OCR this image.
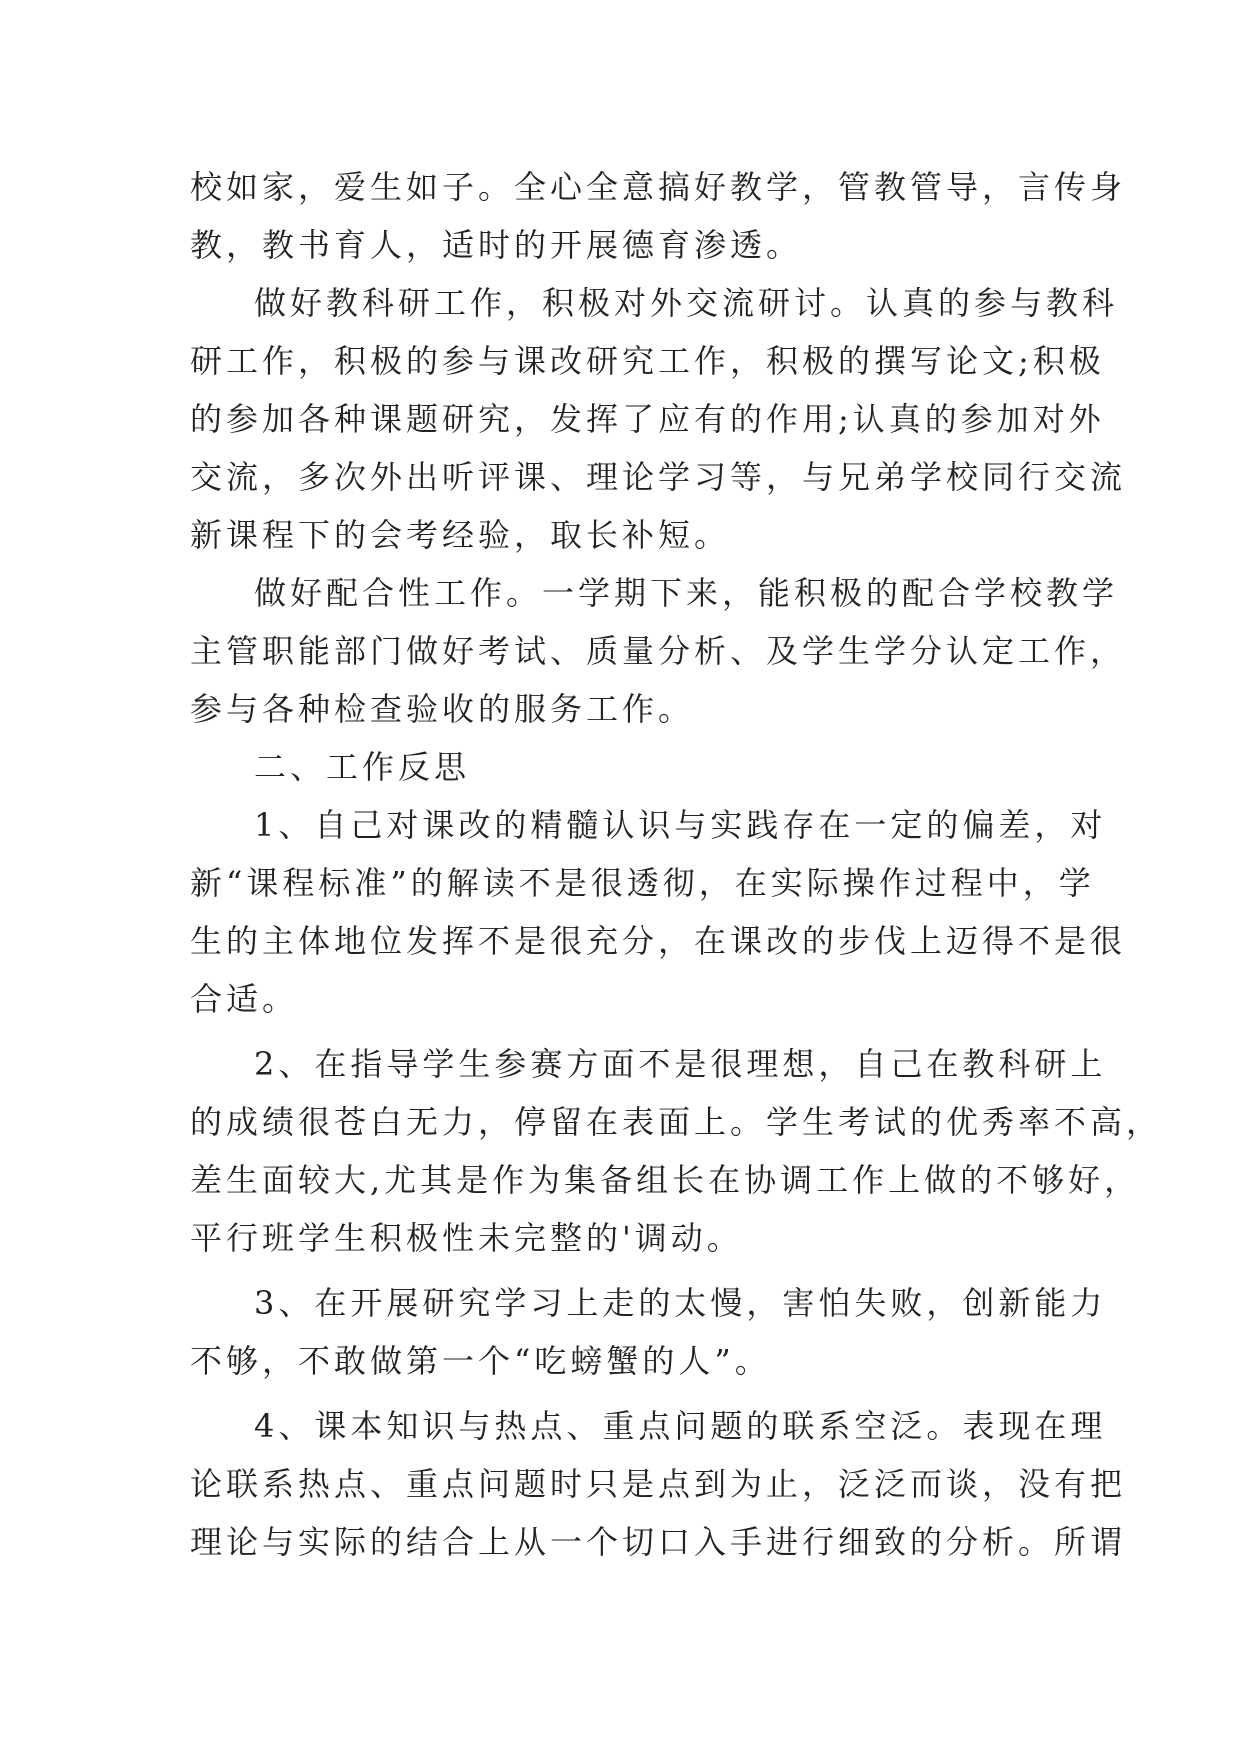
校如家，爱生如子。全心全意搞好教学，管教管导，言传身
教，教书育人，适时的开展德育渗透。
做好教科研工作，积极对外交流研讨。认真的参与教科
研工作，积极的参与课改研究工作，积极的撰写论文;积极
的参加各种课题研究，发挥了应有的作用;认真的参加对外
交流，多次外出听评课、理论学习等，与兄弟学校同行交流
新课程下的会考经验，取长补短。
做好配合性工作。一学期下来，能积极的配合学校教学
主管职能部门做好考试、质量分析、及学生学分认定工作，
参与各种检查验收的服务工作。
二、工作反思
1、自己对课改的精髓认识与实践存在一定的偏差，对
新“课程标准”的解读不是很透彻，在实际操作过程中，学
生的主体地位发挥不是很充分，在课改的步伐上迈得不是很
合适。
2、在指导学生参赛方面不是很理想，自己在教科研上
的成绩很苍白无力，停留在表面上。学生考试的优秀率不高，
差生面较大,尤其是作为集备组长在协调工作上做的不够好，
平行班学生积极性未完整的'调动。
3、在开展研究学习上走的太慢，害怕失败，创新能力
不够，不敢做第一个“吃螃蟹的人”。
4、课本知识与热点、重点问题的联系空泛。表现在理
论联系热点、重点问题时只是点到为止，泛泛而谈，没有把
理论与实际的结合上从一个切口入手进行细致的分析。所谓
